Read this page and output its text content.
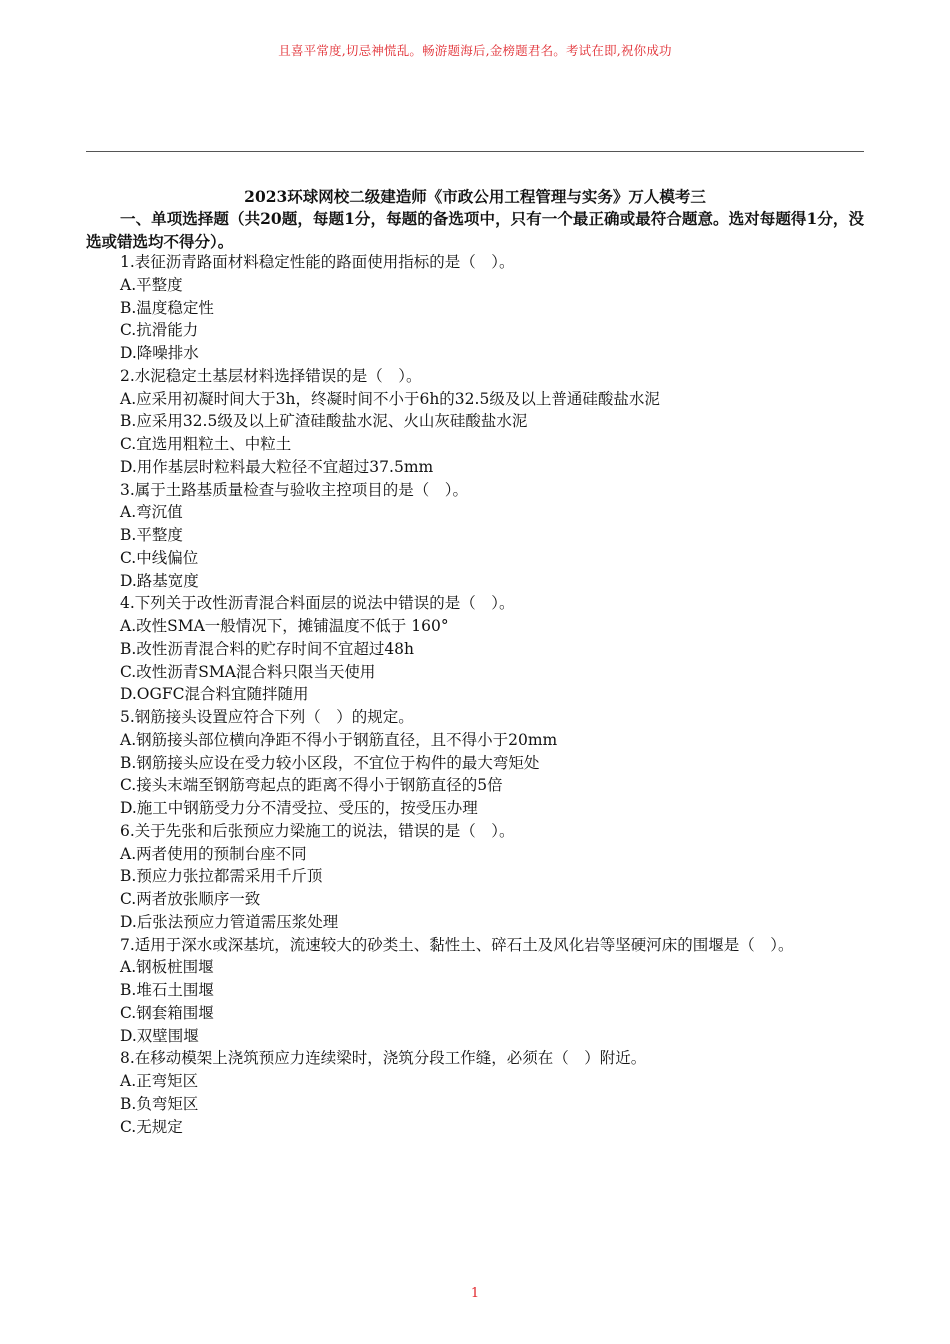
且喜平常度,切忌神慌乱。畅游题海后,金榜题君名。考试在即,祝你成功
2023环球网校二级建造师《市政公用工程管理与实务》万人模考三
一、单项选择题（共20题，每题1分，每题的备选项中，只有一个最正确或最符合题意。选对每题得1分，没选或错选均不得分）。
1.表征沥青路面材料稳定性能的路面使用指标的是（　）。
A.平整度
B.温度稳定性
C.抗滑能力
D.降噪排水
2.水泥稳定土基层材料选择错误的是（　）。
A.应采用初凝时间大于3h，终凝时间不小于6h的32.5级及以上普通硅酸盐水泥
B.应采用32.5级及以上矿渣硅酸盐水泥、火山灰硅酸盐水泥
C.宜选用粗粒土、中粒土
D.用作基层时粒料最大粒径不宜超过37.5mm
3.属于土路基质量检查与验收主控项目的是（　）。
A.弯沉值
B.平整度
C.中线偏位
D.路基宽度
4.下列关于改性沥青混合料面层的说法中错误的是（　）。
A.改性SMA一般情况下，摊铺温度不低于 160°
B.改性沥青混合料的贮存时间不宜超过48h
C.改性沥青SMA混合料只限当天使用
D.OGFC混合料宜随拌随用
5.钢筋接头设置应符合下列（　）的规定。
A.钢筋接头部位横向净距不得小于钢筋直径，且不得小于20mm
B.钢筋接头应设在受力较小区段，不宜位于构件的最大弯矩处
C.接头末端至钢筋弯起点的距离不得小于钢筋直径的5倍
D.施工中钢筋受力分不清受拉、受压的，按受压办理
6.关于先张和后张预应力梁施工的说法，错误的是（　）。
A.两者使用的预制台座不同
B.预应力张拉都需采用千斤顶
C.两者放张顺序一致
D.后张法预应力管道需压浆处理
7.适用于深水或深基坑，流速较大的砂类土、黏性土、碎石土及风化岩等坚硬河床的围堰是（　）。
A.钢板桩围堰
B.堆石土围堰
C.钢套箱围堰
D.双壁围堰
8.在移动模架上浇筑预应力连续梁时，浇筑分段工作缝，必须在（　）附近。
A.正弯矩区
B.负弯矩区
C.无规定
1
